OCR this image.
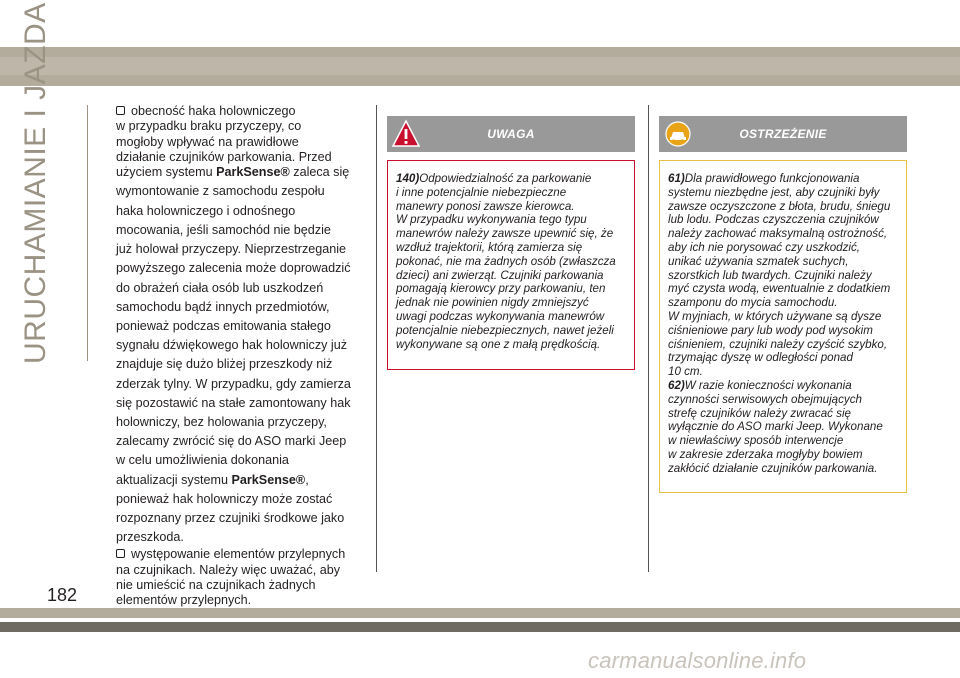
URUCHAMIANIE I JAZDA	obecność haka holowniczego
w przypadku braku przyczepy, co
mogłoby wpływać na prawidłowe
działanie czujników parkowania. Przed
użyciem systemu ParkSense® zaleca się
wymontowanie z samochodu zespołu
haka holowniczego i odnośnego
mocowania, jeśli samochód nie będzie
już holował przyczepy. Nieprzestrzeganie
powyższego zalecenia może doprowadzić
do obrażeń ciała osób lub uszkodzeń
samochodu bądź innych przedmiotów,
ponieważ podczas emitowania stałego
sygnału dźwiękowego hak holowniczy już
znajduje się dużo bliżej przeszkody niż
zderzak tylny. W przypadku, gdy zamierza
się pozostawić na stałe zamontowany hak
holowniczy, bez holowania przyczepy,
zalecamy zwrócić się do ASO marki Jeep
w celu umożliwienia dokonania
aktualizacji systemu ParkSense®,
ponieważ hak holowniczy może zostać
rozpoznany przez czujniki środkowe jako
przeszkoda.
występowanie elementów przylepnych
na czujnikach. Należy więc uważać, aby
nie umieścić na czujnikach żadnych
elementów przylepnych.
UWAGA

140)Odpowiedzialność za parkowanie

i inne potencjalnie niebezpieczne

manewry ponosi zawsze kierowca.

W przypadku wykonywania tego typu

manewrów należy zawsze upewnić się, że

wzdłuż trajektorii, którą zamierza się

pokonać, nie ma żadnych osób (zwłaszcza

dzieci) ani zwierząt. Czujniki parkowania

pomagają kierowcy przy parkowaniu, ten

jednak nie powinien nigdy zmniejszyć

uwagi podczas wykonywania manewrów

potencjalnie niebezpiecznych, nawet jeżeli

wykonywane są one z małą prędkością.

OSTRZEŻENIE

61)Dla prawidłowego funkcjonowania

systemu niezbędne jest, aby czujniki były

zawsze oczyszczone z błota, brudu, śniegu

lub lodu. Podczas czyszczenia czujników

należy zachować maksymalną ostrożność,

aby ich nie porysować czy uszkodzić,

unikać używania szmatek suchych,

szorstkich lub twardych. Czujniki należy

myć czysta wodą, ewentualnie z dodatkiem

szamponu do mycia samochodu.

W myjniach, w których używane są dysze

ciśnieniowe pary lub wody pod wysokim

ciśnieniem, czujniki należy czyścić szybko,

trzymając dyszę w odległości ponad

10 cm.

62)W razie konieczności wykonania

czynności serwisowych obejmujących

strefę czujników należy zwracać się

wyłącznie do ASO marki Jeep. Wykonane

w niewłaściwy sposób interwencje

w zakresie zderzaka mogłyby bowiem

zakłócić działanie czujników parkowania.

182
carmanualsonline.info
